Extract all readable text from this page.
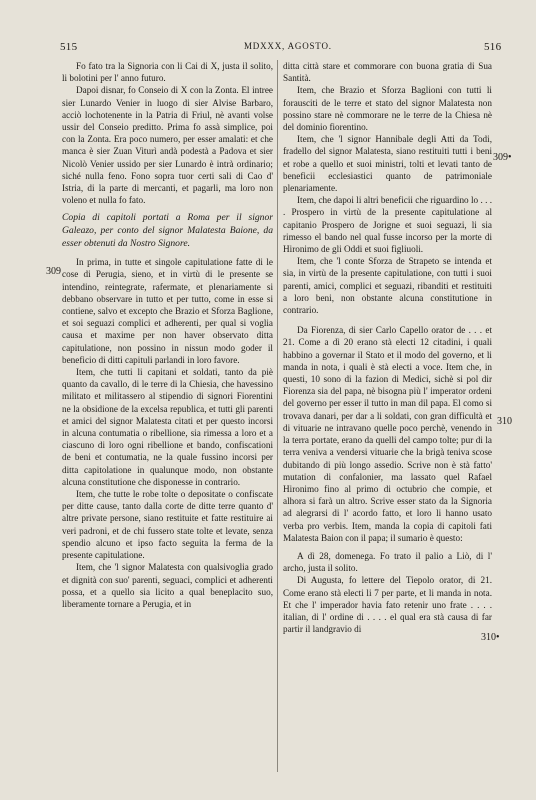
515	MDXXX, AGOSTO.	516
309
309•
310
310•

Fo fato tra la Signoria con li Cai di X, justa il solito, li bolotini per l' anno futuro.

Dapoi disnar, fo Conseio di X con la Zonta. El intree sier Lunardo Venier in luogo di sier Alvise Barbaro, acciò lochotenente in la Patria di Friul, nè avanti volse ussir del Conseio preditto. Prima fo assà simplice, poi con la Zonta. Era poco numero, per esser amalati: et che manca è sier Zuan Viturì andà podestà a Padova et sier Nicolò Venier ussido per sier Lunardo è intrà ordinario; siché nulla feno. Fono sopra tuor certi sali di Cao d' Istria, di la parte di mercanti, et pagarli, ma loro non voleno et nulla fo fato.

Copia di capitoli portati a Roma per il signor Galeazo, per conto del signor Malatesta Baione, da esser obtenuti da Nostro Signore.

In prima, in tutte et singole capitulatione fatte di le cose di Perugia, sieno, et in virtù di le presente se intendino, reintegrate, rafermate, et plenariamente si debbano observare in tutto et per tutto, come in esse si contiene, salvo et excepto che Brazio et Sforza Baglione, et soi seguazi complici et adherenti, per qual si voglia causa et maxime per non haver observato ditta capitulatione, non possino in nissun modo goder il beneficio di ditti capituli parlandi in loro favore.

Item, che tutti li capitani et soldati, tanto da piè quanto da cavallo, di le terre di la Chiesia, che havessino militato et militassero al stipendio di signori Fiorentini ne la obsidione de la excelsa republica, et tutti gli parenti et amici del signor Malatesta citati et per questo incorsi in alcuna contumatia o ribellione, sia rimessa a loro et a ciascuno di loro ogni ribellione et bando, confiscationi de beni et contumatia, ne la quale fussino incorsi per ditta capitolatione in qualunque modo, non obstante alcuna constitutione che disponesse in contrario.

Item, che tutte le robe tolte o depositate o confiscate per ditte cause, tanto dalla corte de ditte terre quanto d' altre private persone, siano restituite et fatte restituire ai veri padroni, et de chi fussero state tolte et levate, senza spendio alcuno et ipso facto seguita la ferma de la presente capitulatione.

Item, che 'l signor Malatesta con qualsivoglia grado et dignità con suo' parenti, seguaci, complici et adherenti possa, et a quello sia licito a qual beneplacito suo, liberamente tornare a Perugia, et in

ditta città stare et commorare con buona gratia di Sua Santità.

Item, che Brazio et Sforza Baglioni con tutti li forausciti de le terre et stato del signor Malatesta non possino stare nè commorare ne le terre de la Chiesa nè del dominio fiorentino.

Item, che 'l signor Hannibale degli Atti da Todi, fradello del signor Malatesta, siano restituiti tutti i beni et robe a quello et suoi ministri, tolti et levati tanto de beneficii ecclesiastici quanto de patrimoniale plenariamente.

Item, che dapoi li altri beneficii che riguardino lo . . . . Prospero in virtù de la presente capitulatione al capitanio Prospero de Jorigne et suoi seguazi, li sia rimesso el bando nel qual fusse incorso per la morte di Hironimo de gli Oddi et suoi figliuoli.

Item, che 'l conte Sforza de Strapeto se intenda et sia, in virtù de la presente capitulatione, con tutti i suoi parenti, amici, complici et seguazi, ribanditi et restituiti a loro beni, non obstante alcuna constitutione in contrario.

Da Fiorenza, di sier Carlo Capello orator de . . . et 21. Come a dì 20 erano stà electi 12 citadini, i quali habbino a governar il Stato et il modo del governo, et li manda in nota, i quali è stà electi a voce. Item che, in questi, 10 sono di la fazion di Medici, sichè si pol dir Fiorenza sia del papa, nè bisogna più l' imperator ordeni del governo per esser il tutto in man dil papa. El como si trovava danari, per dar a li soldati, con gran difficultà et di vituarie ne intravano quelle poco perchè, venendo in la terra portate, erano da quelli del campo tolte; pur di la terra veniva a vendersi vituarie che la brigà teniva scose dubitando di più longo assedio. Scrive non è stà fatto' mutation di confalonier, ma lassato quel Rafael Hironimo fino al primo di octubrio che compie, et alhora si farà un altro. Scrive esser stato da la Signoria ad alegrarsi di l' acordo fatto, et loro li hanno usato verba pro verbis. Item, manda la copia di capitoli fati Malatesta Baion con il papa; il sumario è questo:

A dì 28, domenega. Fo trato il palio a Liò, di l' archo, justa il solito.

Di Augusta, fo lettere del Tiepolo orator, di 21. Come erano stà electi li 7 per parte, et li manda in nota. Et che l' imperador havia fato retenir uno frate . . . . italian, di l' ordine di . . . . el qual era stà causa di far partir il landgravio di
